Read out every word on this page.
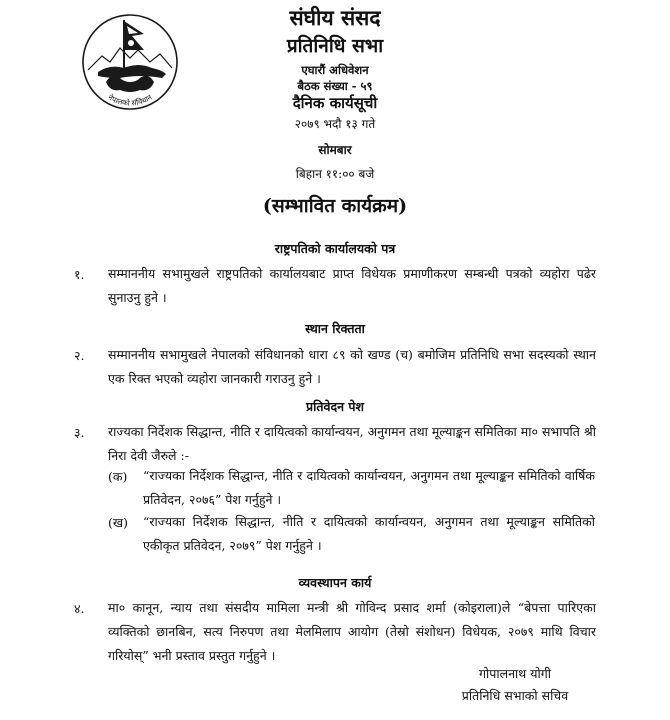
नेपालको संविधान
संघीय संसद
प्रतिनिधि सभा
एघारौं अधिवेशन
बैठक संख्या - ५९
दैनिक कार्यसूची
२०७९ भदौ १३ गते
सोमबार
बिहान ११:०० बजे
(सम्भावित कार्यक्रम)
राष्ट्रपतिको कार्यालयको पत्र
१. सम्माननीय सभामुखले राष्ट्रपतिको कार्यालयबाट प्राप्त विधेयक प्रमाणीकरण सम्बन्धी पत्रको व्यहोरा पढेर सुनाउनु हुने ।
स्थान रिक्तता
२. सम्माननीय सभामुखले नेपालको संविधानको धारा ८९ को खण्ड (च) बमोजिम प्रतिनिधि सभा सदस्यको स्थान एक रिक्त भएको व्यहोरा जानकारी गराउनु हुने ।
प्रतिवेदन पेश
३. राज्यका निर्देशक सिद्धान्त, नीति र दायित्वको कार्यान्वयन, अनुगमन तथा मूल्याङ्कन समितिका मा० सभापति श्री निरा देवी जैरुले :-
(क) “राज्यका निर्देशक सिद्धान्त, नीति र दायित्वको कार्यान्वयन, अनुगमन तथा मूल्याङ्कन समितिको वार्षिक प्रतिवेदन, २०७६” पेश गर्नुहुने ।
(ख) “राज्यका निर्देशक सिद्धान्त, नीति र दायित्वको कार्यान्वयन, अनुगमन तथा मूल्याङ्कन समितिको एकीकृत प्रतिवेदन, २०७९” पेश गर्नुहुने ।
व्यवस्थापन कार्य
४. मा० कानून, न्याय तथा संसदीय मामिला मन्त्री श्री गोविन्द प्रसाद शर्मा (कोइराला)ले “बेपत्ता पारिएका व्यक्तिको छानबिन, सत्य निरुपण तथा मेलमिलाप आयोग (तेस्रो संशोधन) विधेयक, २०७९ माथि विचार गरियोस्” भनी प्रस्ताव प्रस्तुत गर्नुहुने ।
गोपालनाथ योगी
प्रतिनिधि सभाको सचिव
